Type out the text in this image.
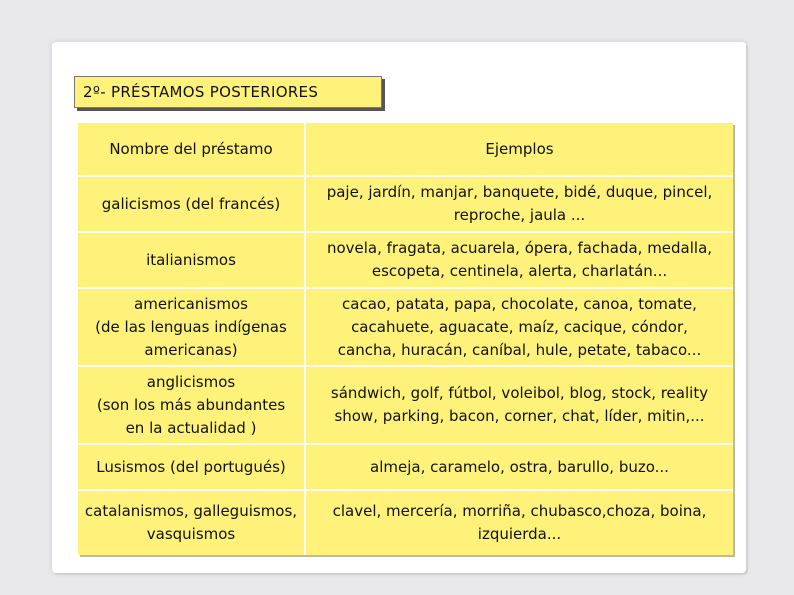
2º- PRÉSTAMOS POSTERIORES
Nombre del préstamo	Ejemplos
galicismos (del francés)
paje, jardín, manjar, banquete, bidé, duque, pincel, reproche, jaula ...
italianismos
novela, fragata, acuarela, ópera, fachada, medalla, escopeta, centinela, alerta, charlatán...
americanismos
(de las lenguas indígenas americanas)
cacao, patata, papa, chocolate, canoa, tomate, cacahuete, aguacate, maíz, cacique, cóndor, cancha, huracán, caníbal, hule, petate, tabaco...
anglicismos
(son los más abundantes en la actualidad )
sándwich, golf, fútbol, voleibol, blog, stock, reality show, parking, bacon, corner, chat, líder, mitin,...
Lusismos (del portugués)	almeja, caramelo, ostra, barullo, buzo...
catalanismos, galleguismos, vasquismos
clavel, mercería, morriña, chubasco,choza, boina, izquierda...
